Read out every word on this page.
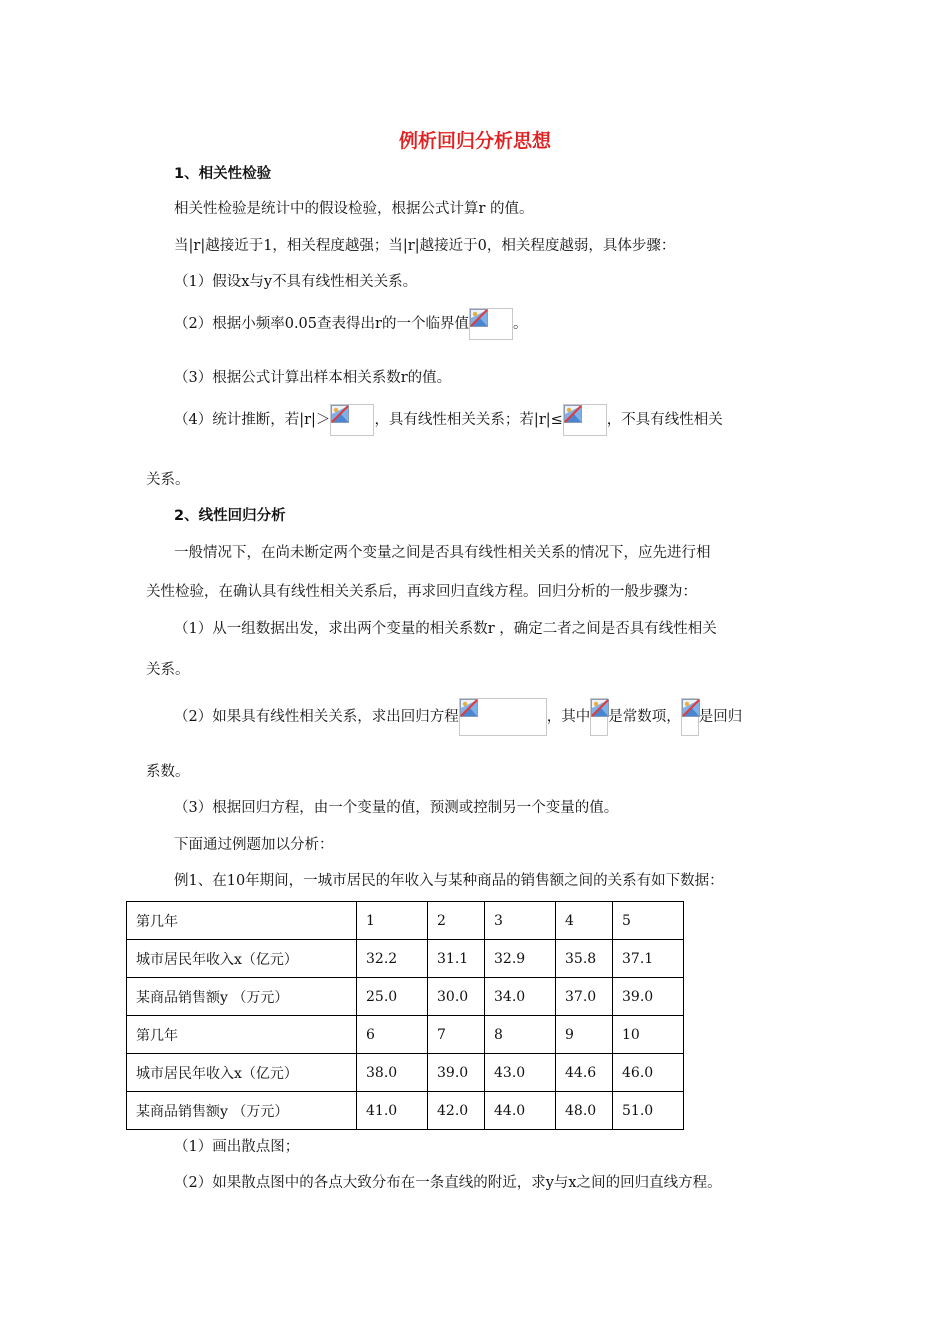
例析回归分析思想
1、相关性检验
相关性检验是统计中的假设检验，根据公式计算r 的值。
当|r|越接近于1，相关程度越强；当|r|越接近于0，相关程度越弱，具体步骤：
（1）假设x与y不具有线性相关关系。
（2）根据小频率0.05查表得出r的一个临界值	。
（3）根据公式计算出样本相关系数r的值。
（4）统计推断，若|r|＞	，具有线性相关关系；若|r|≤	，不具有线性相关
关系。
2、线性回归分析
一般情况下，在尚未断定两个变量之间是否具有线性相关关系的情况下，应先进行相
关性检验，在确认具有线性相关关系后，再求回归直线方程。回归分析的一般步骤为：
（1）从一组数据出发，求出两个变量的相关系数r ，确定二者之间是否具有线性相关
关系。
（2）如果具有线性相关关系，求出回归方程	，其中 是常数项， 是回归
系数。
（3）根据回归方程，由一个变量的值，预测或控制另一个变量的值。
下面通过例题加以分析：
例1、在10年期间，一城市居民的年收入与某种商品的销售额之间的关系有如下数据：
第几年	1	2	3	4	5
城市居民年收入x（亿元）	32.2	31.1	32.9	35.8	37.1
某商品销售额y （万元）	25.0	30.0	34.0	37.0	39.0
第几年	6	7	8	9	10
城市居民年收入x（亿元）	38.0	39.0	43.0	44.6	46.0
某商品销售额y （万元）	41.0	42.0	44.0	48.0	51.0
（1）画出散点图；
（2）如果散点图中的各点大致分布在一条直线的附近，求y与x之间的回归直线方程。
